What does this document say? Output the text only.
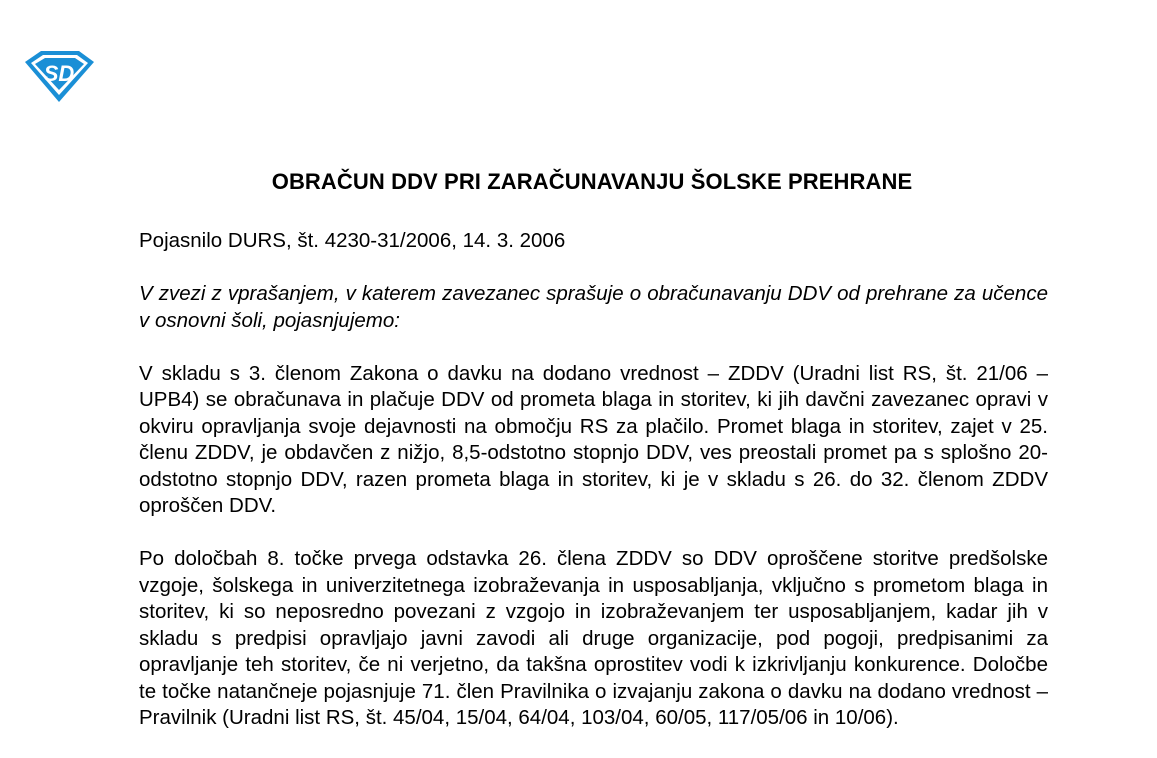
SD
OBRAČUN DDV PRI ZARAČUNAVANJU ŠOLSKE PREHRANE

Pojasnilo DURS, št. 4230-31/2006, 14. 3. 2006

V zvezi z vprašanjem, v katerem zavezanec sprašuje o obračunavanju DDV od prehrane za učence v osnovni šoli, pojasnjujemo:

V skladu s 3. členom Zakona o davku na dodano vrednost – ZDDV (Uradni list RS, št. 21/06 – UPB4) se obračunava in plačuje DDV od prometa blaga in storitev, ki jih davčni zavezanec opravi v okviru opravljanja svoje dejavnosti na območju RS za plačilo. Promet blaga in storitev, zajet v 25. členu ZDDV, je obdavčen z nižjo, 8,5-odstotno stopnjo DDV, ves preostali promet pa s splošno 20-odstotno stopnjo DDV, razen prometa blaga in storitev, ki je v skladu s 26. do 32. členom ZDDV oproščen DDV.

Po določbah 8. točke prvega odstavka 26. člena ZDDV so DDV oproščene storitve predšolske vzgoje, šolskega in univerzitetnega izobraževanja in usposabljanja, vključno s prometom blaga in storitev, ki so neposredno povezani z vzgojo in izobraževanjem ter usposabljanjem, kadar jih v skladu s predpisi opravljajo javni zavodi ali druge organizacije, pod pogoji, predpisanimi za opravljanje teh storitev, če ni verjetno, da takšna oprostitev vodi k izkrivljanju konkurence. Določbe te točke natančneje pojasnjuje 71. člen Pravilnika o izvajanju zakona o davku na dodano vrednost – Pravilnik (Uradni list RS, št. 45/04, 15/04, 64/04, 103/04, 60/05, 117/05/06 in 10/06).
